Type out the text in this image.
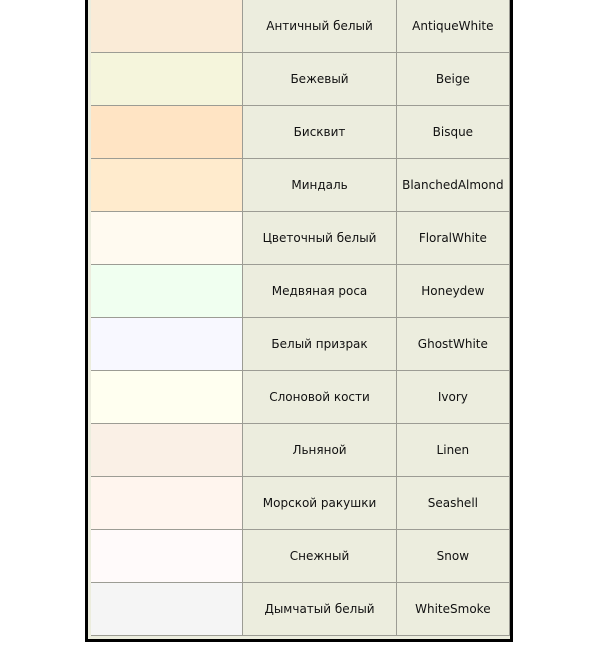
	Античный белый	AntiqueWhite

	Бежевый	Beige

	Бисквит	Bisque

	Миндаль	BlanchedAlmond

	Цветочный белый	FloralWhite

	Медвяная роса	Honeydew

	Белый призрак	GhostWhite

	Слоновой кости	Ivory

	Льняной	Linen

	Морской ракушки	Seashell

	Снежный	Snow

	Дымчатый белый	WhiteSmoke
